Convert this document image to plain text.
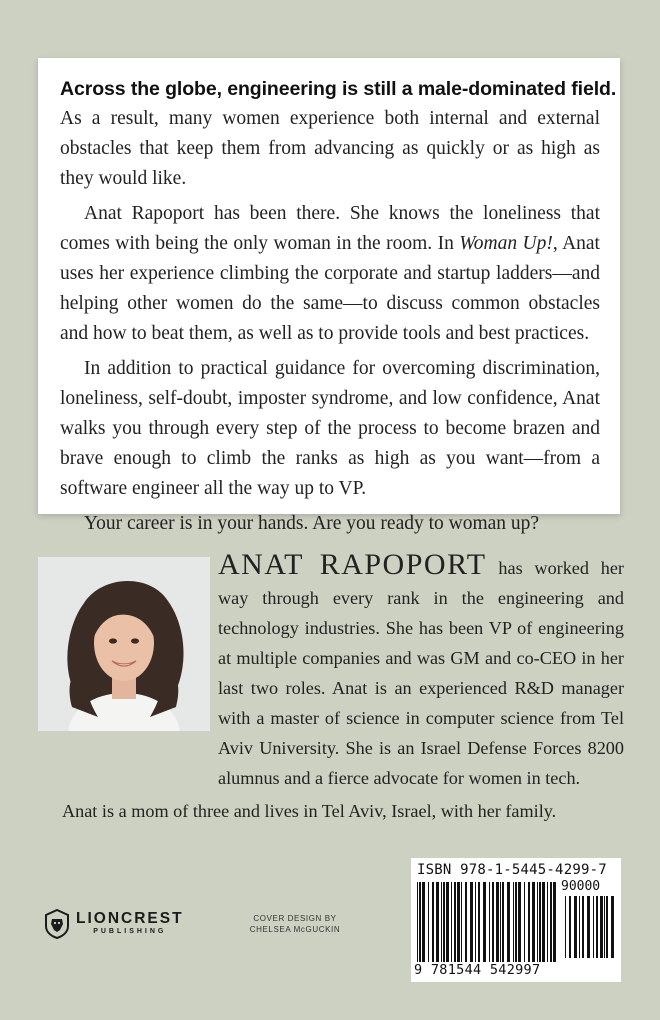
Across the globe, engineering is still a male-dominated field.

As a result, many women experience both internal and external obstacles that keep them from advancing as quickly or as high as they would like.

Anat Rapoport has been there. She knows the loneliness that comes with being the only woman in the room. In Woman Up!, Anat uses her experience climbing the corporate and startup ladders—and helping other women do the same—to discuss common obstacles and how to beat them, as well as to provide tools and best practices.

In addition to practical guidance for overcoming discrimination, loneliness, self-doubt, imposter syndrome, and low confidence, Anat walks you through every step of the process to become brazen and brave enough to climb the ranks as high as you want—from a software engineer all the way up to VP.

Your career is in your hands. Are you ready to woman up?

ANAT RAPOPORT has worked her way through every rank in the engineering and technology industries. She has been VP of engineering at multiple companies and was GM and co-CEO in her last two roles. Anat is an experienced R&D manager with a master of science in computer science from Tel Aviv University. She is an Israel Defense Forces 8200 alumnus and a fierce advocate for women in tech.
Anat is a mom of three and lives in Tel Aviv, Israel, with her family.
LIONCREST
PUBLISHING
COVER DESIGN BY
CHELSEA McGUCKIN
ISBN 978-1-5445-4299-7
90000
9 781544 542997
